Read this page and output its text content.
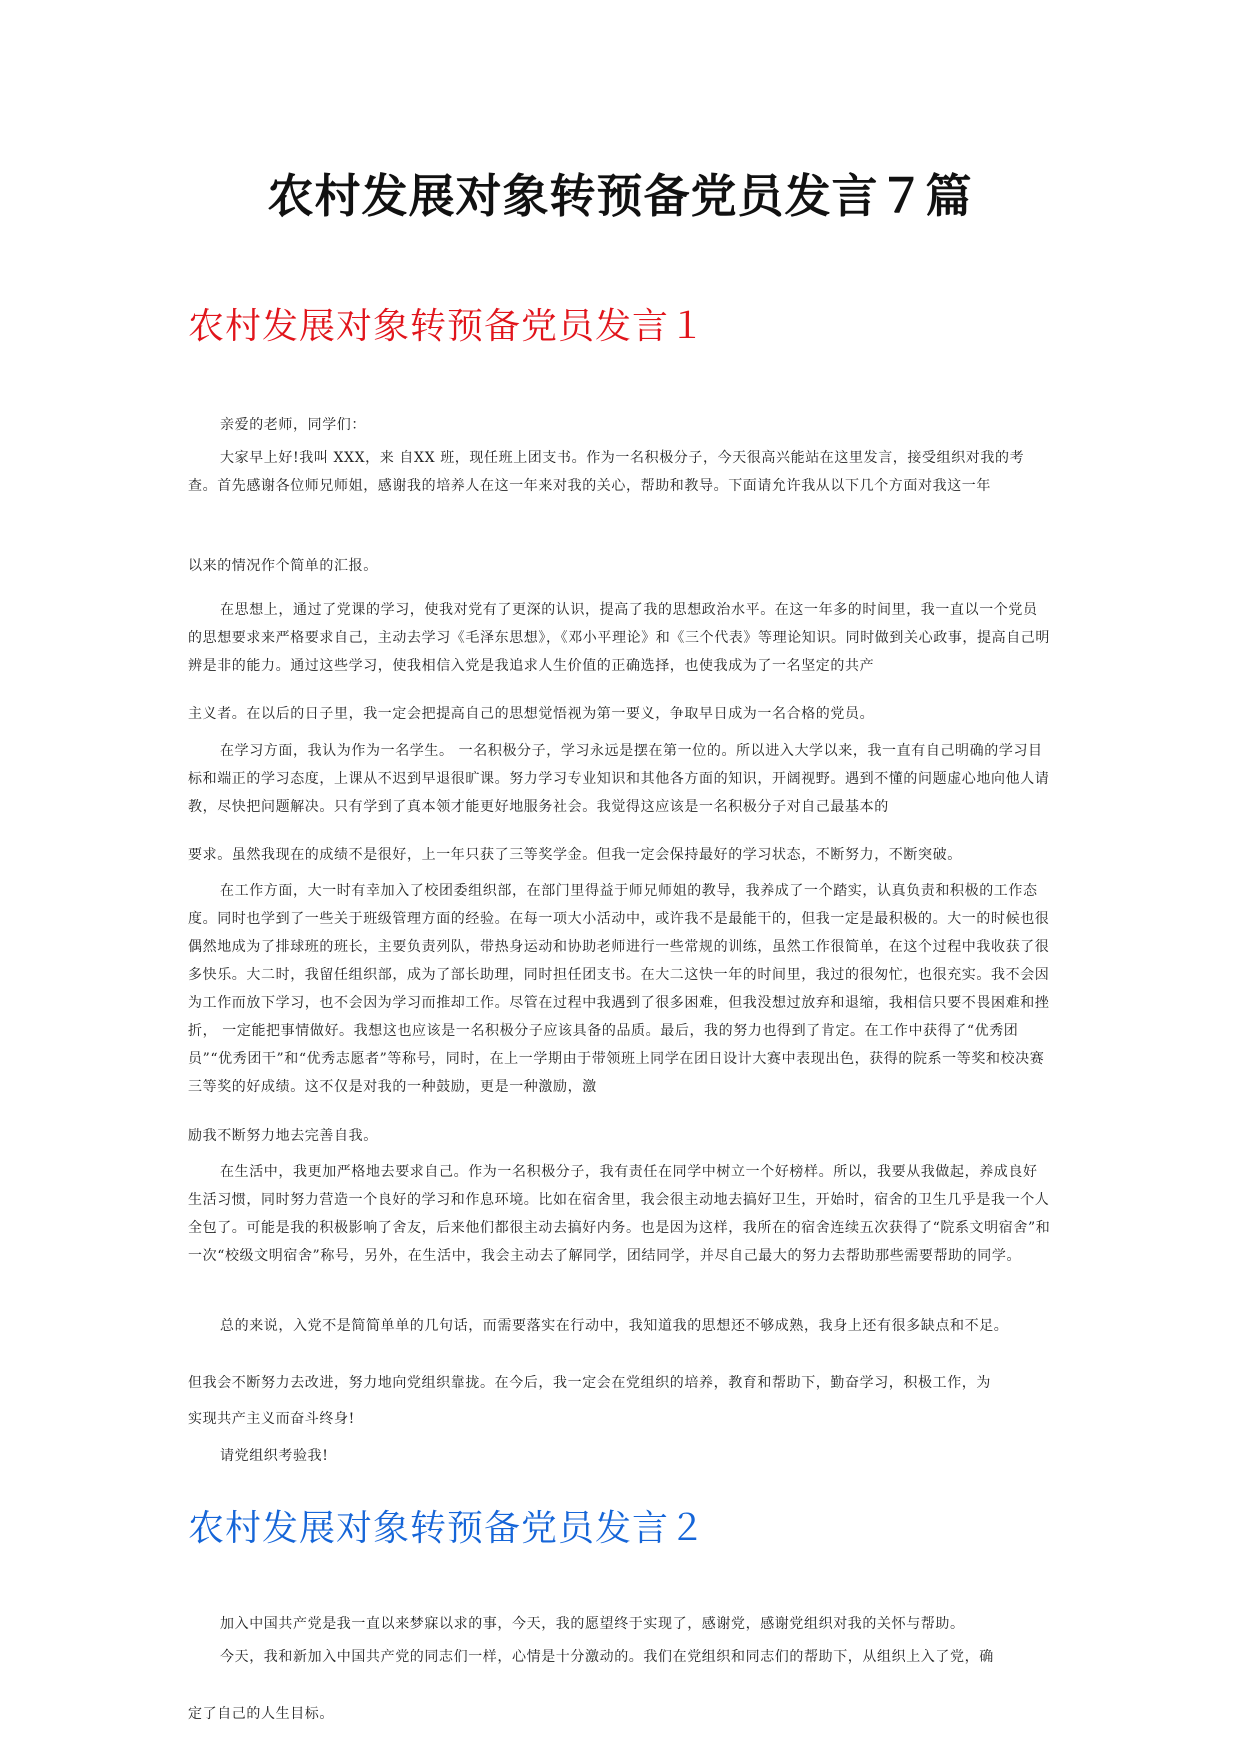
农村发展对象转预备党员发言７篇
农村发展对象转预备党员发言１

亲爱的老师，同学们：

大家早上好!我叫 XXX，来 自XX 班，现任班上团支书。作为一名积极分子，今天很高兴能站在这里发言，接受组织对我的考 查。首先感谢各位师兄师姐，感谢我的培养人在这一年来对我的关心，帮助和教导。下面请允许我从以下几个方面对我这一年

以来的情况作个简单的汇报。

在思想上，通过了党课的学习，使我对党有了更深的认识，提高了我的思想政治水平。在这一年多的时间里，我一直以一个党员的思想要求来严格要求自己，主动去学习《毛泽东思想》，《邓小平理论》和《三个代表》等理论知识。同时做到关心政事，提高自己明辨是非的能力。通过这些学习，使我相信入党是我追求人生价值的正确选择，也使我成为了一名坚定的共产

主义者。在以后的日子里，我一定会把提高自己的思想觉悟视为第一要义，争取早日成为一名合格的党员。

在学习方面，我认为作为一名学生。 一名积极分子，学习永远是摆在第一位的。所以进入大学以来，我一直有自己明确的学习目标和端正的学习态度，上课从不迟到早退很旷课。努力学习专业知识和其他各方面的知识，开阔视野。遇到不懂的问题虚心地向他人请教，尽快把问题解决。只有学到了真本领才能更好地服务社会。我觉得这应该是一名积极分子对自己最基本的

要求。虽然我现在的成绩不是很好，上一年只获了三等奖学金。但我一定会保持最好的学习状态，不断努力，不断突破。

在工作方面，大一时有幸加入了校团委组织部，在部门里得益于师兄师姐的教导，我养成了一个踏实，认真负责和积极的工作态度。同时也学到了一些关于班级管理方面的经验。在每一项大小活动中，或许我不是最能干的，但我一定是最积极的。大一的时候也很偶然地成为了排球班的班长，主要负责列队，带热身运动和协助老师进行一些常规的训练，虽然工作很简单，在这个过程中我收获了很多快乐。大二时，我留任组织部，成为了部长助理，同时担任团支书。在大二这快一年的时间里，我过的很匆忙，也很充实。我不会因为工作而放下学习，也不会因为学习而推却工作。尽管在过程中我遇到了很多困难，但我没想过放弃和退缩，我相信只要不畏困难和挫折， 一定能把事情做好。我想这也应该是一名积极分子应该具备的品质。最后，我的努力也得到了肯定。在工作中获得了“优秀团员”“优秀团干”和“优秀志愿者”等称号，同时，在上一学期由于带领班上同学在团日设计大赛中表现出色，获得的院系一等奖和校决赛三等奖的好成绩。这不仅是对我的一种鼓励，更是一种激励，激

励我不断努力地去完善自我。

在生活中，我更加严格地去要求自己。作为一名积极分子，我有责任在同学中树立一个好榜样。所以，我要从我做起，养成良好生活习惯，同时努力营造一个良好的学习和作息环境。比如在宿舍里，我会很主动地去搞好卫生，开始时，宿舍的卫生几乎是我一个人全包了。可能是我的积极影响了舍友，后来他们都很主动去搞好内务。也是因为这样，我所在的宿舍连续五次获得了“院系文明宿舍”和一次“校级文明宿舍”称号，另外，在生活中，我会主动去了解同学，团结同学，并尽自己最大的努力去帮助那些需要帮助的同学。

总的来说，入党不是简简单单的几句话，而需要落实在行动中，我知道我的思想还不够成熟，我身上还有很多缺点和不足。

但我会不断努力去改进，努力地向党组织靠拢。在今后，我一定会在党组织的培养，教育和帮助下，勤奋学习，积极工作，为

实现共产主义而奋斗终身!

请党组织考验我!

农村发展对象转预备党员发言２

加入中国共产党是我一直以来梦寐以求的事，今天，我的愿望终于实现了，感谢党，感谢党组织对我的关怀与帮助。

今天，我和新加入中国共产党的同志们一样，心情是十分激动的。我们在党组织和同志们的帮助下，从组织上入了党，确

定了自己的人生目标。
